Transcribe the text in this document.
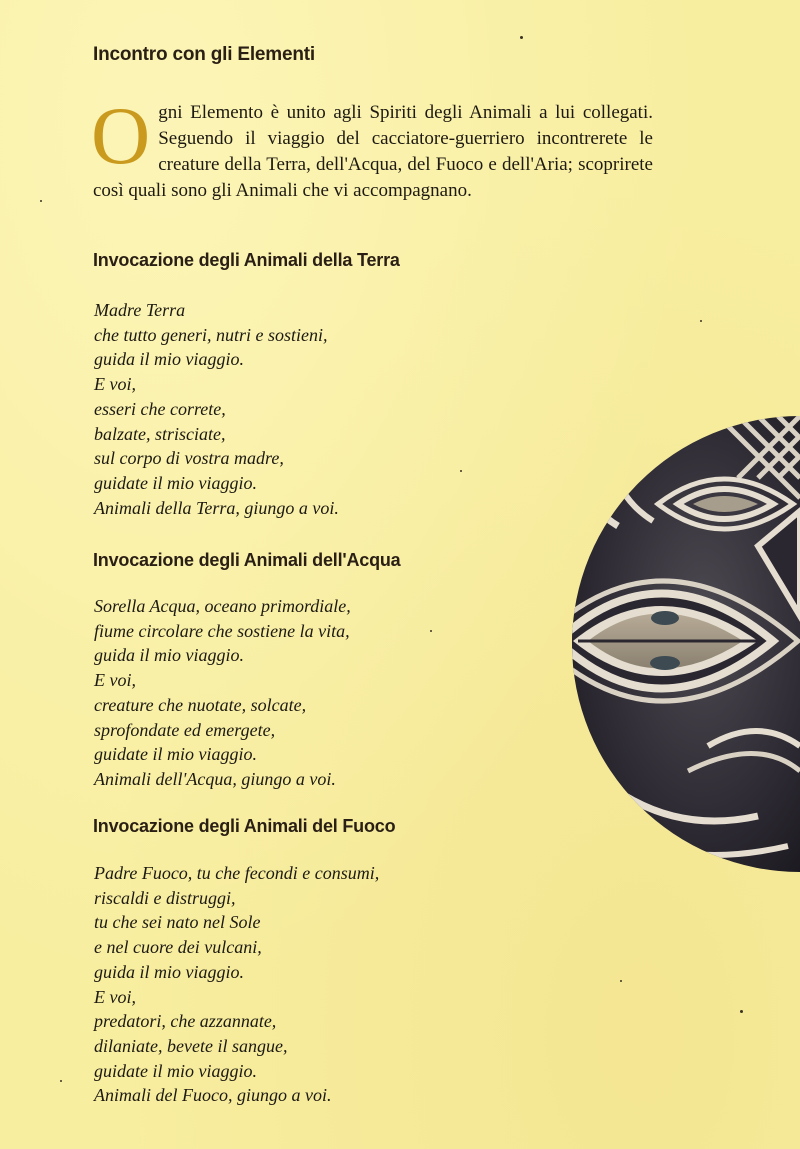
Incontro con gli Elementi

Ogni Elemento è unito agli Spiriti degli Animali a lui collegati. Seguendo il viaggio del cacciatore-guerriero incontrerete le creature della Terra, dell'Acqua, del Fuoco e dell'Aria; scoprirete così quali sono gli Animali che vi accompagnano.

Invocazione degli Animali della Terra
Madre Terra
che tutto generi, nutri e sostieni,
guida il mio viaggio.
E voi,
esseri che correte,
balzate, strisciate,
sul corpo di vostra madre,
guidate il mio viaggio.
Animali della Terra, giungo a voi.
Invocazione degli Animali dell'Acqua
Sorella Acqua, oceano primordiale,
fiume circolare che sostiene la vita,
guida il mio viaggio.
E voi,
creature che nuotate, solcate,
sprofondate ed emergete,
guidate il mio viaggio.
Animali dell'Acqua, giungo a voi.
Invocazione degli Animali del Fuoco
Padre Fuoco, tu che fecondi e consumi,
riscaldi e distruggi,
tu che sei nato nel Sole
e nel cuore dei vulcani,
guida il mio viaggio.
E voi,
predatori, che azzannate,
dilaniate, bevete il sangue,
guidate il mio viaggio.
Animali del Fuoco, giungo a voi.
